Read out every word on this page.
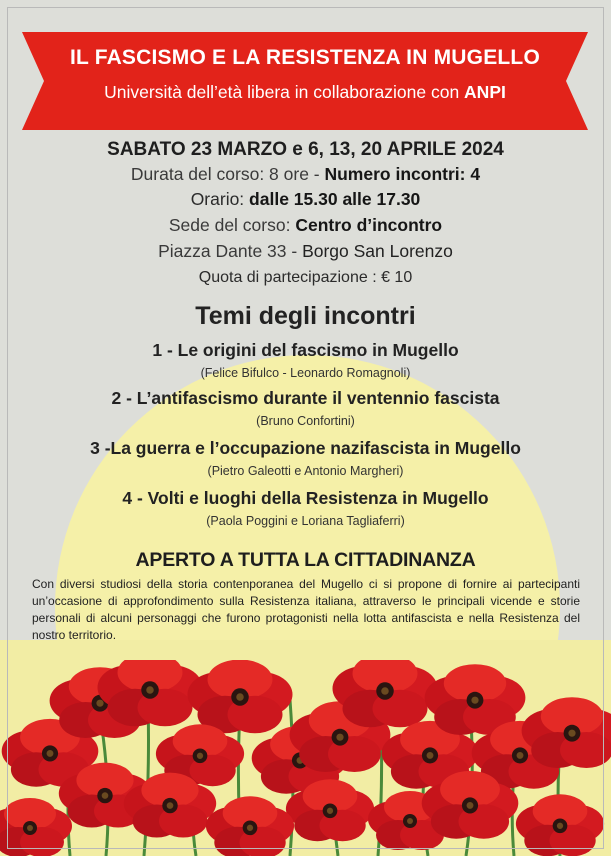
IL FASCISMO E LA RESISTENZA IN MUGELLO
Università dell’età libera in collaborazione con ANPI
SABATO 23 MARZO e 6, 13, 20 APRILE 2024
Durata del corso: 8 ore - Numero incontri: 4
Orario: dalle 15.30 alle 17.30
Sede del corso: Centro d’incontro
Piazza Dante 33 - Borgo San Lorenzo
Quota di partecipazione : € 10
Temi degli incontri
1 - Le origini del fascismo in Mugello
(Felice Bifulco - Leonardo Romagnoli)
2 - L’antifascismo durante il ventennio fascista
(Bruno Confortini)
3 -La guerra e l’occupazione nazifascista in Mugello
(Pietro Galeotti e Antonio Margheri)
4 - Volti e luoghi della Resistenza in Mugello
(Paola Poggini e Loriana Tagliaferri)
APERTO A TUTTA LA CITTADINANZA
Con diversi studiosi della storia contenporanea del Mugello ci si propone di fornire ai partecipanti un’occasione di approfondimento sulla Resistenza italiana, attraverso le principali vicende e storie personali di alcuni personaggi che furono protagonisti nella lotta antifascista e nella Resistenza del nostro territorio.
